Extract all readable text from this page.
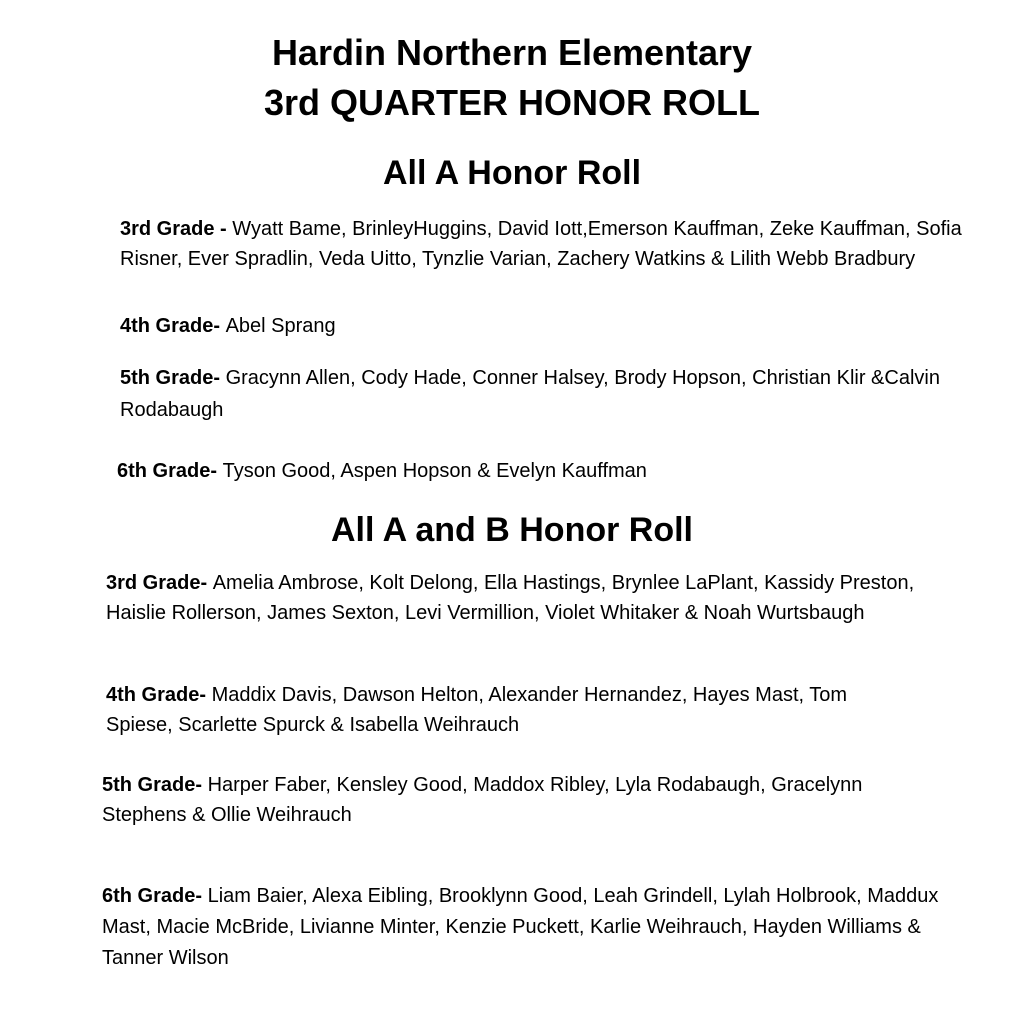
Hardin Northern Elementary
3rd QUARTER HONOR ROLL
All A Honor Roll

3rd Grade - Wyatt Bame, BrinleyHuggins, David Iott,Emerson Kauffman, Zeke Kauffman, Sofia Risner, Ever Spradlin, Veda Uitto, Tynzlie Varian, Zachery Watkins & Lilith Webb Bradbury

4th Grade- Abel Sprang

5th Grade- Gracynn Allen, Cody Hade, Conner Halsey, Brody Hopson, Christian Klir &Calvin Rodabaugh

6th Grade- Tyson Good, Aspen Hopson & Evelyn Kauffman

All A and B Honor Roll

3rd Grade- Amelia Ambrose, Kolt Delong, Ella Hastings, Brynlee LaPlant, Kassidy Preston, Haislie Rollerson, James Sexton, Levi Vermillion, Violet Whitaker & Noah Wurtsbaugh

4th Grade- Maddix Davis, Dawson Helton, Alexander Hernandez, Hayes Mast, Tom Spiese, Scarlette Spurck & Isabella Weihrauch

5th Grade- Harper Faber, Kensley Good, Maddox Ribley, Lyla Rodabaugh, Gracelynn Stephens & Ollie Weihrauch

6th Grade- Liam Baier, Alexa Eibling, Brooklynn Good, Leah Grindell, Lylah Holbrook, Maddux Mast, Macie McBride, Livianne Minter, Kenzie Puckett, Karlie Weihrauch, Hayden Williams & Tanner Wilson
